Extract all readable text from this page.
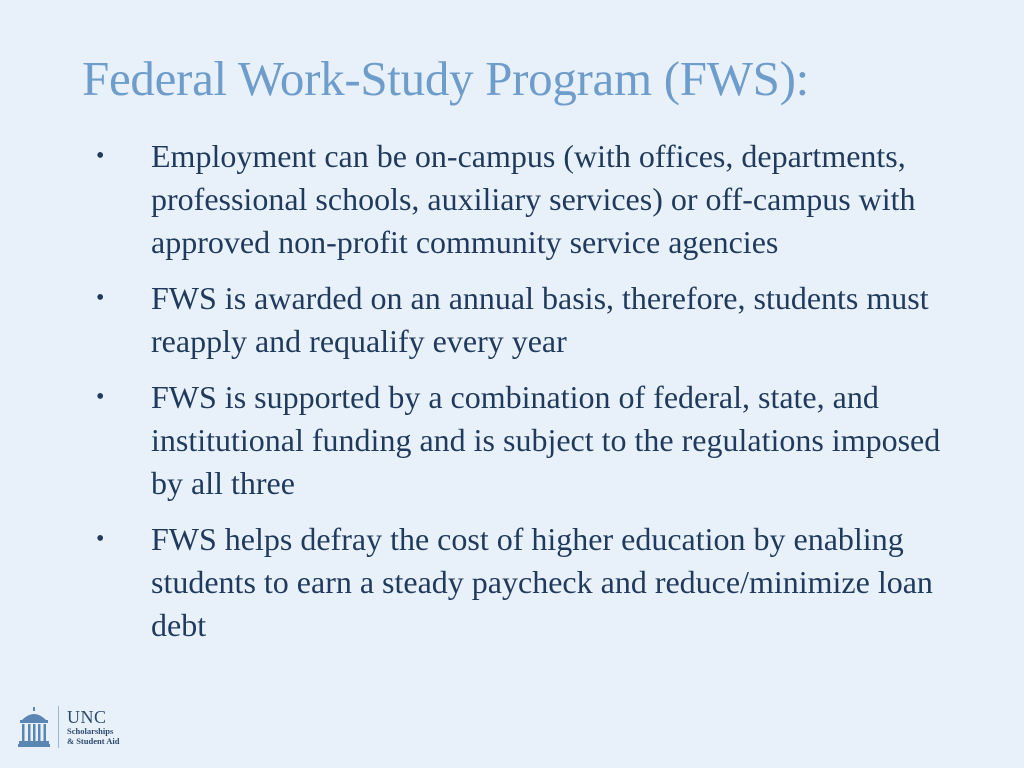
Federal Work-Study Program (FWS):
• Employment can be on-campus (with offices, departments, professional schools, auxiliary services) or off-campus with approved non-profit community service agencies
• FWS is awarded on an annual basis, therefore, students must reapply and requalify every year
• FWS is supported by a combination of federal, state, and institutional funding and is subject to the regulations imposed by all three
• FWS helps defray the cost of higher education by enabling students to earn a steady paycheck and reduce/minimize loan debt
UNC
Scholarships
& Student Aid
